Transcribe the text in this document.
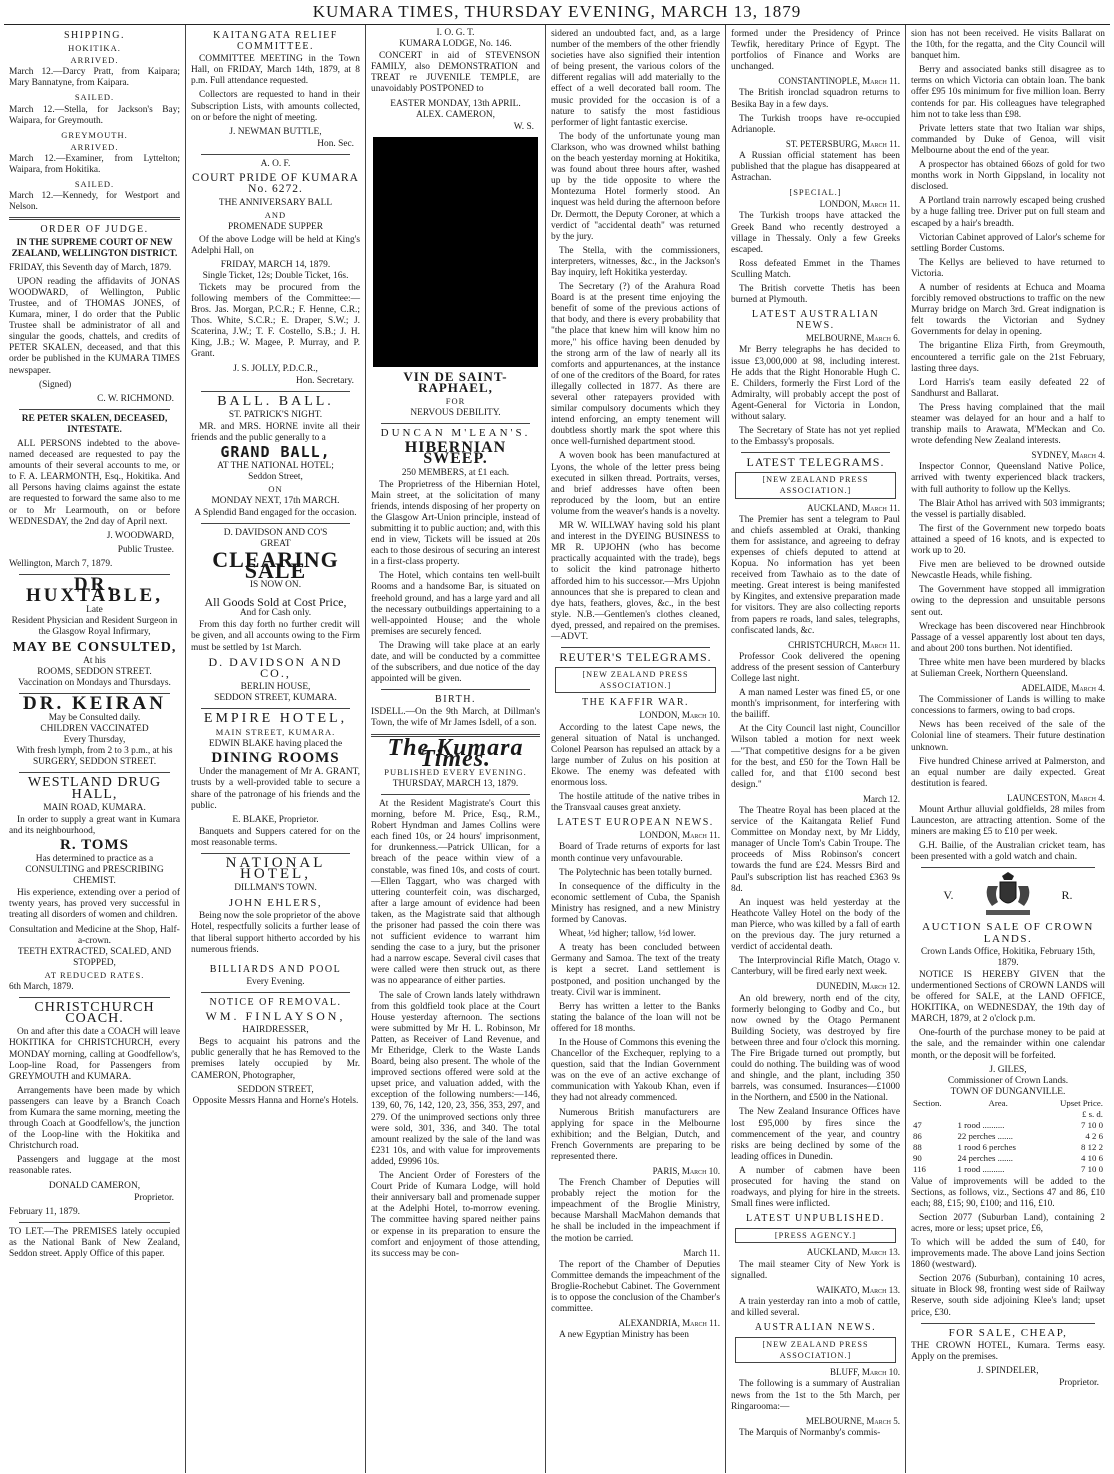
KUMARA TIMES, THURSDAY EVENING, MARCH 13, 1879
SHIPPING.
HOKITIKA.
ARRIVED.
March 12.—Darcy Pratt, from Kaipara; Mary Bannatyne, from Kaipara.
SAILED.
March 12.—Stella, for Jackson's Bay; Waipara, for Greymouth.
GREYMOUTH.
ARRIVED.
March 12.—Examiner, from Lyttelton; Waipara, from Hokitika.
SAILED.
March 12.—Kennedy, for Westport and Nelson.
ORDER OF JUDGE.
IN THE SUPREME COURT OF NEW ZEALAND, WELLINGTON DISTRICT.
FRIDAY, this Seventh day of March, 1879.
UPON reading the affidavits of JONAS WOODWARD, of Wellington, Public Trustee, and of THOMAS JONES, of Kumara, miner, I do order that the Public Trustee shall be administrator of all and singular the goods, chattels, and credits of PETER SKALEN, deceased, and that this order be published in the KUMARA TIMES newspaper.
(Signed)
C. W. RICHMOND.
RE PETER SKALEN, DECEASED, INTESTATE.
ALL PERSONS indebted to the above-named deceased are requested to pay the amounts of their several accounts to me, or to F. A. LEARMONTH, Esq., Hokitika. And all Persons having claims against the estate are requested to forward the same also to me or to Mr Learmouth, on or before WEDNESDAY, the 2nd day of April next.
J. WOODWARD,
Public Trustee.
Wellington, March 7, 1879.
DR. HUXTABLE,
Late
Resident Physician and Resident Surgeon in the Glasgow Royal Infirmary,
MAY BE CONSULTED,
At his
ROOMS, SEDDON STREET.
Vaccination on Mondays and Thursdays.
DR. KEIRAN
May be Consulted daily.
CHILDREN VACCINATED
Every Thursday,
With fresh lymph, from 2 to 3 p.m., at his
SURGERY, SEDDON STREET.
WESTLAND DRUG HALL,
MAIN ROAD, KUMARA.
In order to supply a great want in Kumara and its neighbourhood,
R. TOMS
Has determined to practice as a
CONSULTING and PRESCRIBING CHEMIST.
His experience, extending over a period of twenty years, has proved very successful in treating all disorders of women and children.
Consultation and Medicine at the Shop, Half-a-crown.
TEETH EXTRACTED, SCALED, AND STOPPED,
AT REDUCED RATES.
6th March, 1879.
CHRISTCHURCH COACH.
On and after this date a COACH will leave HOKITIKA for CHRISTCHURCH, every MONDAY morning, calling at Goodfellow's, Loop-line Road, for Passengers from GREYMOUTH and KUMARA.
Arrangements have been made by which passengers can leave by a Branch Coach from Kumara the same morning, meeting the through Coach at Goodfellow's, the junction of the Loop-line with the Hokitika and Christchurch road.
Passengers and luggage at the most reasonable rates.
DONALD CAMERON,
Proprietor.
February 11, 1879.
TO LET.—The PREMISES lately occupied as the National Bank of New Zealand, Seddon street. Apply Office of this paper.
KAITANGATA RELIEF COMMITTEE.
COMMITTEE MEETING in the Town Hall, on FRIDAY, March 14th, 1879, at 8 p.m. Full attendance requested.
Collectors are requested to hand in their Subscription Lists, with amounts collected, on or before the night of meeting.
J. NEWMAN BUTTLE,
Hon. Sec.
A. O. F.
COURT PRIDE OF KUMARA No. 6272.
THE ANNIVERSARY BALL
AND
PROMENADE SUPPER
Of the above Lodge will be held at King's Adelphi Hall, on
FRIDAY, MARCH 14, 1879.
Single Ticket, 12s; Double Ticket, 16s.
Tickets may be procured from the following members of the Committee:—Bros. Jas. Morgan, P.C.R.; F. Henne, C.R.; Thos. White, S.C.R.; E. Draper, S.W.; J. Scaterina, J.W.; T. F. Costello, S.B.; J. H. King, J.B.; W. Magee, P. Murray, and P. Grant.
J. S. JOLLY, P.D.C.R.,
Hon. Secretary.
BALL. BALL.
ST. PATRICK'S NIGHT.
MR. and MRS. HORNE invite all their friends and the public generally to a
GRAND BALL,
AT THE NATIONAL HOTEL;
Seddon Street,
ON
MONDAY NEXT, 17th MARCH.
A Splendid Band engaged for the occasion.
D. DAVIDSON AND CO'S
GREAT
CLEARING SALE
IS NOW ON.
All Goods Sold at Cost Price,
And for Cash only.
From this day forth no further credit will be given, and all accounts owing to the Firm must be settled by 1st March.
D. DAVIDSON AND CO.,
BERLIN HOUSE,
SEDDON STREET, KUMARA.
EMPIRE HOTEL,
MAIN STREET, KUMARA.
EDWIN BLAKE having placed the
DINING ROOMS
Under the management of Mr A. GRANT, trusts by a well-provided table to secure a share of the patronage of his friends and the public.
E. BLAKE, Proprietor.
Banquets and Suppers catered for on the most reasonable terms.
NATIONAL HOTEL,
DILLMAN'S TOWN.
JOHN EHLERS,
Being now the sole proprietor of the above Hotel, respectfully solicits a further lease of that liberal support hitherto accorded by his numerous friends.
BILLIARDS AND POOL
Every Evening.
NOTICE OF REMOVAL.
WM. FINLAYSON,
HAIRDRESSER,
Begs to acquaint his patrons and the public generally that he has Removed to the premises lately occupied by Mr. CAMERON, Photographer,
SEDDON STREET,
Opposite Messrs Hanna and Horne's Hotels.
I. O. G. T.
KUMARA LODGE, No. 146.
CONCERT in aid of STEVENSON FAMILY, also DEMONSTRATION and TREAT re JUVENILE TEMPLE, are unavoidably POSTPONED to
EASTER MONDAY, 13th APRIL.
ALEX. CAMERON,
W. S.
VIN DE SAINT-RAPHAEL,
FOR
NERVOUS DEBILITY.
DUNCAN M'LEAN'S.
HIBERNIAN SWEEP.
250 MEMBERS, at £1 each.
The Proprietress of the Hibernian Hotel, Main street, at the solicitation of many friends, intends disposing of her property on the Glasgow Art-Union principle, instead of submitting it to public auction; and, with this end in view, Tickets will be issued at 20s each to those desirous of securing an interest in a first-class property.
The Hotel, which contains ten well-built Rooms and a handsome Bar, is situated on freehold ground, and has a large yard and all the necessary outbuildings appertaining to a well-appointed House; and the whole premises are securely fenced.
The Drawing will take place at an early date, and will be conducted by a committee of the subscribers, and due notice of the day appointed will be given.
BIRTH.
ISDELL.—On the 9th March, at Dillman's Town, the wife of Mr James Isdell, of a son.
The Kumara Times.
PUBLISHED EVERY EVENING.
THURSDAY, MARCH 13, 1879.
At the Resident Magistrate's Court this morning, before M. Price, Esq., R.M., Robert Hyndman and James Collins were each fined 10s, or 24 hours' imprisonment, for drunkenness.—Patrick Ullican, for a breach of the peace within view of a constable, was fined 10s, and costs of court.—Ellen Taggart, who was charged with uttering counterfeit coin, was discharged, after a large amount of evidence had been taken, as the Magistrate said that although the prisoner had passed the coin there was not sufficient evidence to warrant him sending the case to a jury, but the prisoner had a narrow escape. Several civil cases that were called were then struck out, as there was no appearance of either parties.
The sale of Crown lands lately withdrawn from this goldfield took place at the Court House yesterday afternoon. The sections were submitted by Mr H. L. Robinson, Mr Patten, as Receiver of Land Revenue, and Mr Etheridge, Clerk to the Waste Lands Board, being also present. The whole of the improved sections offered were sold at the upset price, and valuation added, with the exception of the following numbers:—146, 139, 60, 76, 142, 120, 23, 356, 353, 297, and 279. Of the unimproved sections only three were sold, 301, 336, and 340. The total amount realized by the sale of the land was £231 10s, and with value for improvements added, £9996 10s.
The Ancient Order of Foresters of the Court Pride of Kumara Lodge, will hold their anniversary ball and promenade supper at the Adelphi Hotel, to-morrow evening. The committee having spared neither pains or expense in its preparation to ensure the comfort and enjoyment of those attending, its success may be con-
sidered an undoubted fact, and, as a large number of the members of the other friendly societies have also signified their intention of being present, the various colors of the different regalias will add materially to the effect of a well decorated ball room. The music provided for the occasion is of a nature to satisfy the most fastidious performer of light fantastic exercise.
The body of the unfortunate young man Clarkson, who was drowned whilst bathing on the beach yesterday morning at Hokitika, was found about three hours after, washed up by the tide opposite to where the Montezuma Hotel formerly stood. An inquest was held during the afternoon before Dr. Dermott, the Deputy Coroner, at which a verdict of "accidental death" was returned by the jury.
The Stella, with the commissioners, interpreters, witnesses, &c., in the Jackson's Bay inquiry, left Hokitika yesterday.
The Secretary (?) of the Arahura Road Board is at the present time enjoying the benefit of some of the previous actions of that body, and there is every probability that "the place that knew him will know him no more," his office having been denuded by the strong arm of the law of nearly all its comforts and appurtenances, at the instance of one of the creditors of the Board, for rates illegally collected in 1877. As there are several other ratepayers provided with similar compulsory documents which they intend enforcing, an empty tenement will doubtless shortly mark the spot where this once well-furnished department stood.
A woven book has been manufactured at Lyons, the whole of the letter press being executed in silken thread. Portraits, verses, and brief addresses have often been reproduced by the loom, but an entire volume from the weaver's hands is a novelty.
MR W. WILLWAY having sold his plant and interest in the DYEING BUSINESS to MR R. UPJOHN (who has become practically acquainted with the trade), begs to solicit the kind patronage hitherto afforded him to his successor.—Mrs Upjohn announces that she is prepared to clean and dye hats, feathers, gloves, &c., in the best style. N.B.—Gentlemen's clothes cleaned, dyed, pressed, and repaired on the premises.—ADVT.
REUTER'S TELEGRAMS.
[NEW ZEALAND PRESS ASSOCIATION.]
THE KAFFIR WAR.
LONDON, March 10.
According to the latest Cape news, the general situation of Natal is unchanged. Colonel Pearson has repulsed an attack by a large number of Zulus on his position at Ekowe. The enemy was defeated with enormous loss.
The hostile attitude of the native tribes in the Transvaal causes great anxiety.
LATEST EUROPEAN NEWS.
LONDON, March 11.
Board of Trade returns of exports for last month continue very unfavourable.
The Polytechnic has been totally burned.
In consequence of the difficulty in the economic settlement of Cuba, the Spanish Ministry has resigned, and a new Ministry formed by Canovas.
Wheat, ½d higher; tallow, ½d lower.
A treaty has been concluded between Germany and Samoa. The text of the treaty is kept a secret. Land settlement is postponed, and position unchanged by the treaty. Civil war is imminent.
Berry has written a letter to the Banks stating the balance of the loan will not be offered for 18 months.
In the House of Commons this evening the Chancellor of the Exchequer, replying to a question, said that the Indian Government was on the eve of an active exchange of communication with Yakoub Khan, even if they had not already commenced.
Numerous British manufacturers are applying for space in the Melbourne exhibition; and the Belgian, Dutch, and French Governments are preparing to be represented there.
PARIS, March 10.
The French Chamber of Deputies will probably reject the motion for the impeachment of the Broglie Ministry, because Marshall MacMahon demands that he shall be included in the impeachment if the motion be carried.
March 11.
The report of the Chamber of Deputies Committee demands the impeachment of the Broglie-Rochebut Cabinet. The Government is to oppose the conclusion of the Chamber's committee.
ALEXANDRIA, March 11.
A new Egyptian Ministry has been
formed under the Presidency of Prince Tewfik, hereditary Prince of Egypt. The portfolios of Finance and Works are unchanged.
CONSTANTINOPLE, March 11.
The British ironclad squadron returns to Besika Bay in a few days.
The Turkish troops have re-occupied Adrianople.
ST. PETERSBURG, March 11.
A Russian official statement has been published that the plague has disappeared at Astrachan.
[SPECIAL.]
LONDON, March 11.
The Turkish troops have attacked the Greek Band who recently destroyed a village in Thessaly. Only a few Greeks escaped.
Ross defeated Emmet in the Thames Sculling Match.
The British corvette Thetis has been burned at Plymouth.
LATEST AUSTRALIAN NEWS.
MELBOURNE, March 6.
Mr Berry telegraphs he has decided to issue £3,000,000 at 98, including interest. He adds that the Right Honorable Hugh C. E. Childers, formerly the First Lord of the Admiralty, will probably accept the post of Agent-General for Victoria in London, without salary.
The Secretary of State has not yet replied to the Embassy's proposals.
LATEST TELEGRAMS.
[NEW ZEALAND PRESS ASSOCIATION.]
AUCKLAND, March 11.
The Premier has sent a telegram to Paul and chiefs assembled at Oraki, thanking them for assistance, and agreeing to defray expenses of chiefs deputed to attend at Kopua. No information has yet been received from Tawhaio as to the date of meeting. Great interest is being manifested by Kingites, and extensive preparation made for visitors. They are also collecting reports from papers re roads, land sales, telegraphs, confiscated lands, &c.
CHRISTCHURCH, March 11.
Professor Cook delivered the opening address of the present session of Canterbury College last night.
A man named Lester was fined £5, or one month's imprisonment, for interfering with the bailiff.
At the City Council last night, Councillor Wilson tabled a motion for next week—"That competitive designs for a be given for the best, and £50 for the Town Hall be called for, and that £100 second best design."
March 12.
The Theatre Royal has been placed at the service of the Kaitangata Relief Fund Committee on Monday next, by Mr Liddy, manager of Uncle Tom's Cabin Troupe. The proceeds of Miss Robinson's concert towards the fund are £24. Messrs Bird and Paul's subscription list has reached £363 9s 8d.
An inquest was held yesterday at the Heathcote Valley Hotel on the body of the man Pierce, who was killed by a fall of earth on the previous day. The jury returned a verdict of accidental death.
The Interprovincial Rifle Match, Otago v. Canterbury, will be fired early next week.
DUNEDIN, March 12.
An old brewery, north end of the city, formerly belonging to Godby and Co., but now owned by the Otago Permanent Building Society, was destroyed by fire between three and four o'clock this morning. The Fire Brigade turned out promptly, but could do nothing. The building was of wood and shingle, and the plant, including 350 barrels, was consumed. Insurances—£1000 in the Northern, and £500 in the National.
The New Zealand Insurance Offices have lost £95,000 by fires since the commencement of the year, and country risks are being declined by some of the leading offices in Dunedin.
A number of cabmen have been prosecuted for having the stand on roadways, and plying for hire in the streets. Small fines were inflicted.
LATEST UNPUBLISHED.
[PRESS AGENCY.]
AUCKLAND, March 13.
The mail steamer City of New York is signalled.
WAIKATO, March 13.
A train yesterday ran into a mob of cattle, and killed several.
AUSTRALIAN NEWS.
[NEW ZEALAND PRESS ASSOCIATION.]
BLUFF, March 10.
The following is a summary of Australian news from the 1st to the 5th March, per Ringarooma:—
MELBOURNE, March 5.
The Marquis of Normanby's commis-
sion has not been received. He visits Ballarat on the 10th, for the regatta, and the City Council will banquet him.
Berry and associated banks still disagree as to terms on which Victoria can obtain loan. The bank offer £95 10s minimum for five million loan. Berry contends for par. His colleagues have telegraphed him not to take less than £98.
Private letters state that two Italian war ships, commanded by Duke of Genoa, will visit Melbourne about the end of the year.
A prospector has obtained 66ozs of gold for two months work in North Gippsland, in locality not disclosed.
A Portland train narrowly escaped being crushed by a huge falling tree. Driver put on full steam and escaped by a hair's breadth.
Victorian Cabinet approved of Lalor's scheme for settling Border Customs.
The Kellys are believed to have returned to Victoria.
A number of residents at Echuca and Moama forcibly removed obstructions to traffic on the new Murray bridge on March 3rd. Great indignation is felt towards the Victorian and Sydney Governments for delay in opening.
The brigantine Eliza Firth, from Greymouth, encountered a terrific gale on the 21st February, lasting three days.
Lord Harris's team easily defeated 22 of Sandhurst and Ballarat.
The Press having complained that the mail steamer was delayed for an hour and a half to tranship mails to Arawata, M'Meckan and Co. wrote defending New Zealand interests.
SYDNEY, March 4.
Inspector Connor, Queensland Native Police, arrived with twenty experienced black trackers, with full authority to follow up the Kellys.
The Blair Athol has arrived with 503 immigrants; the vessel is partially disabled.
The first of the Government new torpedo boats attained a speed of 16 knots, and is expected to work up to 20.
Five men are believed to be drowned outside Newcastle Heads, while fishing.
The Government have stopped all immigration owing to the depression and unsuitable persons sent out.
Wreckage has been discovered near Hinchbrook Passage of a vessel apparently lost about ten days, and about 200 tons burthen. Not identified.
Three white men have been murdered by blacks at Sulieman Creek, Northern Queensland.
ADELAIDE, March 4.
The Commissioner of Lands is willing to make concessions to farmers, owing to bad crops.
News has been received of the sale of the Colonial line of steamers. Their future destination unknown.
Five hundred Chinese arrived at Palmerston, and an equal number are daily expected. Great destitution is feared.
LAUNCESTON, March 4.
Mount Arthur alluvial goldfields, 28 miles from Launceston, are attracting attention. Some of the miners are making £5 to £10 per week.
G.H. Bailie, of the Australian cricket team, has been presented with a gold watch and chain.
V.	R.
AUCTION SALE OF CROWN LANDS.
Crown Lands Office, Hokitika, February 15th, 1879.
NOTICE IS HEREBY GIVEN that the undermentioned Sections of CROWN LANDS will be offered for SALE, at the LAND OFFICE, HOKITIKA, on WEDNESDAY, the 19th day of MARCH, 1879, at 2 o'clock p.m.
One-fourth of the purchase money to be paid at the sale, and the remainder within one calendar month, or the deposit will be forfeited.
J. GILES,
Commissioner of Crown Lands.
TOWN OF DUNGANVILLE.
Section.	Area.	Upset Price.
		£ s. d.
47	1 rood ..........	7 10 0
86	22 perches .......	4 2 6
88	1 rood 6 perches	8 12 2
90	24 perches .......	4 10 6
116	1 rood ..........	7 10 0
Value of improvements will be added to the Sections, as follows, viz., Sections 47 and 86, £10 each; 88, £15; 90, £100; and 116, £10.
Section 2077 (Suburban Land), containing 2 acres, more or less; upset price, £6,
To which will be added the sum of £40, for improvements made. The above Land joins Section 1860 (westward).
Section 2076 (Suburban), containing 10 acres, situate in Block 98, fronting west side of Railway Reserve, south side adjoining Klee's land; upset price, £30.
FOR SALE, CHEAP,
THE CROWN HOTEL, Kumara. Terms easy. Apply on the premises.
J. SPINDELER,
Proprietor.
